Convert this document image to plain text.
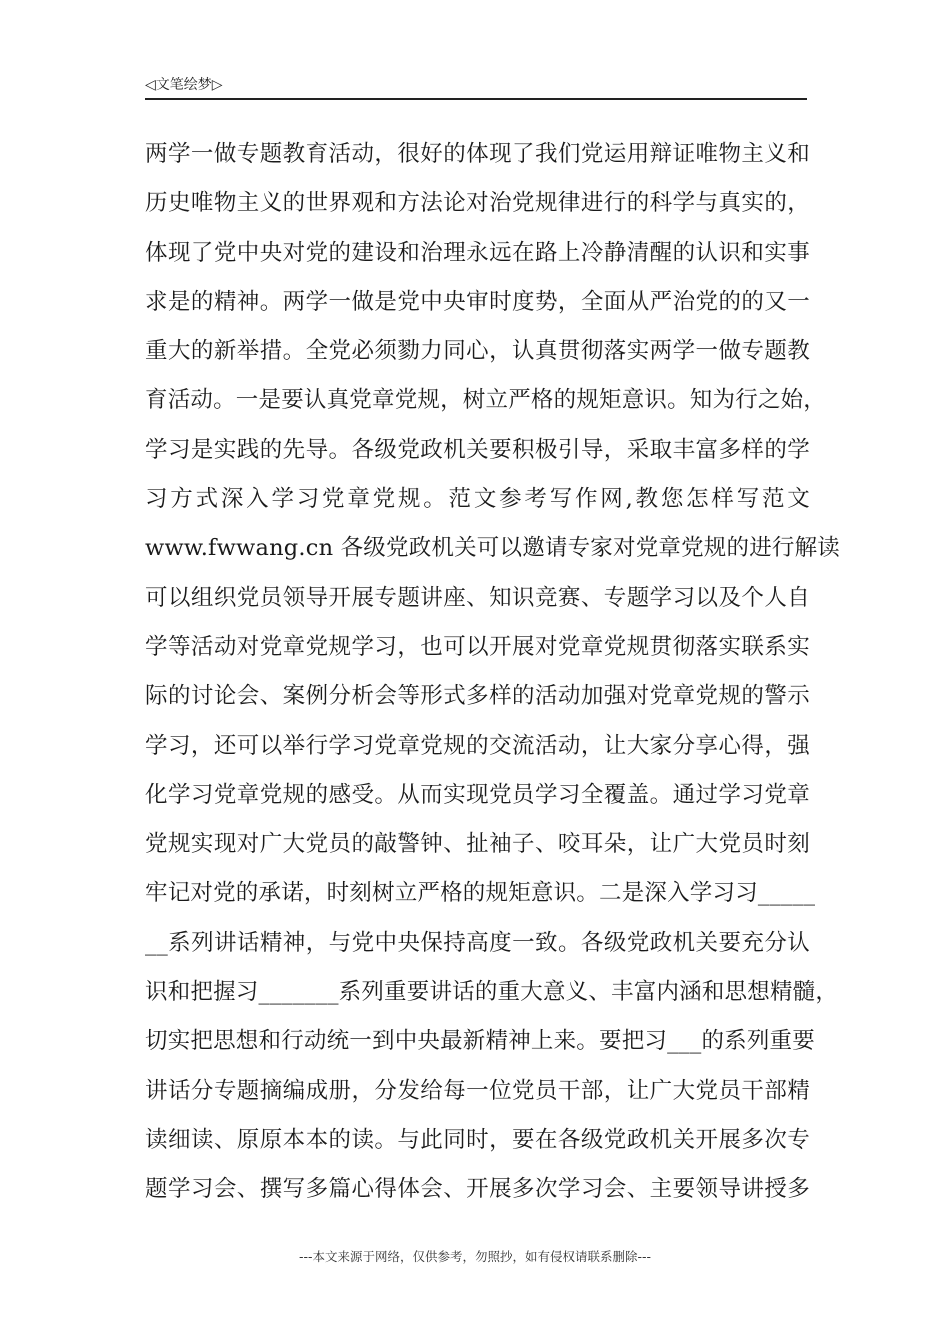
◁文笔绘梦▷
两学一做专题教育活动，很好的体现了我们党运用辩证唯物主义和
历史唯物主义的世界观和方法论对治党规律进行的科学与真实的，
体现了党中央对党的建设和治理永远在路上冷静清醒的认识和实事
求是的精神。两学一做是党中央审时度势，全面从严治党的的又一
重大的新举措。全党必须勠力同心，认真贯彻落实两学一做专题教
育活动。一是要认真党章党规，树立严格的规矩意识。知为行之始，
学习是实践的先导。各级党政机关要积极引导，采取丰富多样的学
习方式深入学习党章党规。范文参考写作网,教您怎样写范文
www.fwwang.cn 各级党政机关可以邀请专家对党章党规的进行解读
可以组织党员领导开展专题讲座、知识竞赛、专题学习以及个人自
学等活动对党章党规学习，也可以开展对党章党规贯彻落实联系实
际的讨论会、案例分析会等形式多样的活动加强对党章党规的警示
学习，还可以举行学习党章党规的交流活动，让大家分享心得，强
化学习党章党规的感受。从而实现党员学习全覆盖。通过学习党章
党规实现对广大党员的敲警钟、扯袖子、咬耳朵，让广大党员时刻
牢记对党的承诺，时刻树立严格的规矩意识。二是深入学习习_____
__系列讲话精神，与党中央保持高度一致。各级党政机关要充分认
识和把握习_______系列重要讲话的重大意义、丰富内涵和思想精髓，
切实把思想和行动统一到中央最新精神上来。要把习___的系列重要
讲话分专题摘编成册，分发给每一位党员干部，让广大党员干部精
读细读、原原本本的读。与此同时，要在各级党政机关开展多次专
题学习会、撰写多篇心得体会、开展多次学习会、主要领导讲授多
---本文来源于网络，仅供参考，勿照抄，如有侵权请联系删除---
